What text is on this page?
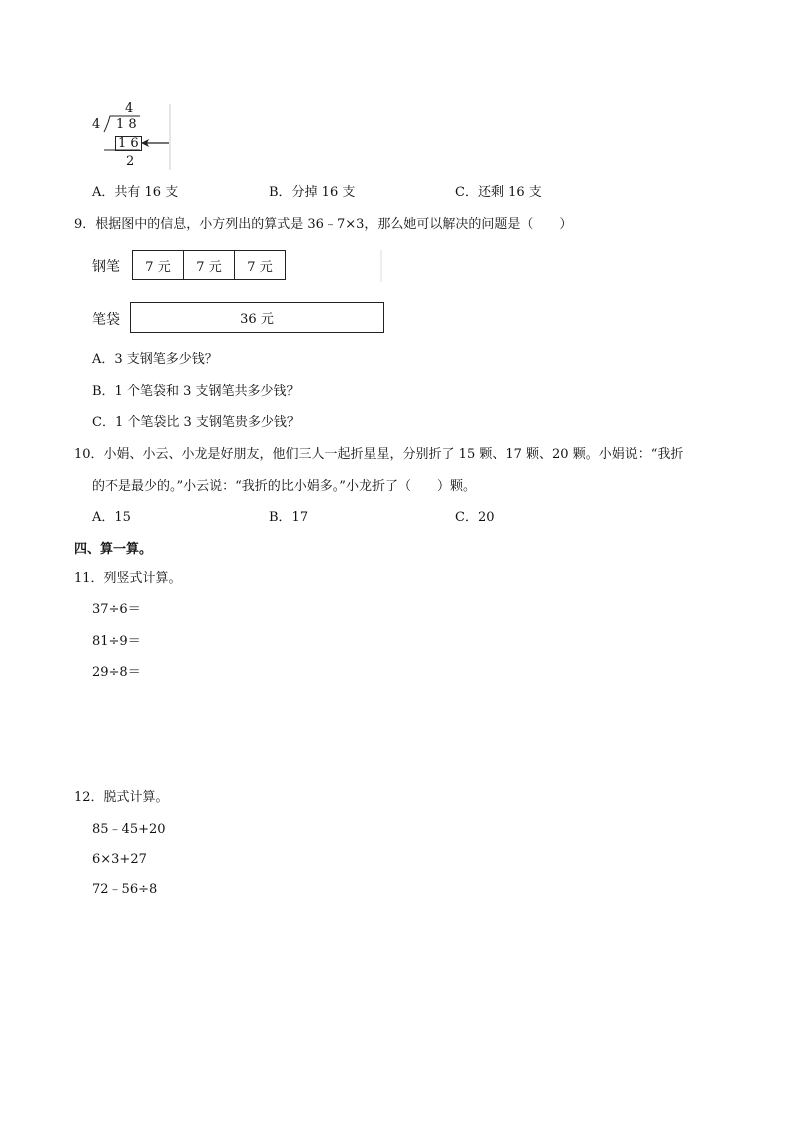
4
4 1 8
1 6
2
A．共有 16 支	B．分掉 16 支	C．还剩 16 支
9．根据图中的信息，小方列出的算式是 36﹣7×3，那么她可以解决的问题是（　　）
钢笔 7 元 7 元 7 元
笔袋	36 元
A．3 支钢笔多少钱？
B．1 个笔袋和 3 支钢笔共多少钱？
C．1 个笔袋比 3 支钢笔贵多少钱？
10．小娟、小云、小龙是好朋友，他们三人一起折星星，分别折了 15 颗、17 颗、20 颗。小娟说：“我折
的不是最少的。”小云说：“我折的比小娟多。”小龙折了（　　）颗。
A．15	B．17	C．20
四、算一算。
11．列竖式计算。
37÷6＝
81÷9＝
29÷8＝
12．脱式计算。
85﹣45+20
6×3+27
72﹣56÷8
